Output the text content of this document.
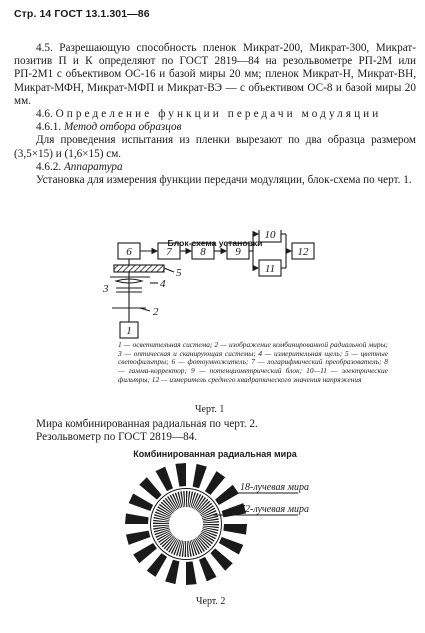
Стр. 14 ГОСТ 13.1.301—86

4.5. Разрешающую способность пленок Микрат-200, Микрат-300, Микрат-позитив П и К определяют по ГОСТ 2819—84 на резольвометре РП-2М или РП-2М1 с объективом ОС-16 и базой миры 20 мм; пленок Микрат-Н, Микрат-ВН, Микрат-МФН, Микрат-МФП и Микрат-ВЭ — с объективом ОС-8 и базой миры 20 мм.

4.6. Определение функции передачи модуляции

4.6.1. Метод отбора образцов

Для проведения испытания из пленки вырезают по два образца размером (3,5×15) и (1,6×15) см.

4.6.2. Аппаратура

Установка для измерения функции передачи модуляции, блок-схема по черт. 1.

Блок-схема установки
5
4
3
2
6	7	8	9
10
11
12
1

1 — осветительная система; 2 — изображение комбинированной радиальной миры; 3 — оптическая и сканирующая системы; 4 — измерительная щель; 5 — цветные светофильтры; 6 — фотоумножитель; 7 — логарифмический преобразователь; 8 — гамма-корректор; 9 — потенциометрический блок; 10—11 — электрические фильтры; 12 — измеритель среднего квадратического значения напряжения

Черт. 1

Мира комбинированная радиальная по черт. 2.

Резольвометр по ГОСТ 2819—84.

Комбинированная радиальная мира
18-лучевая мира
72-лучевая мира
Черт. 2
